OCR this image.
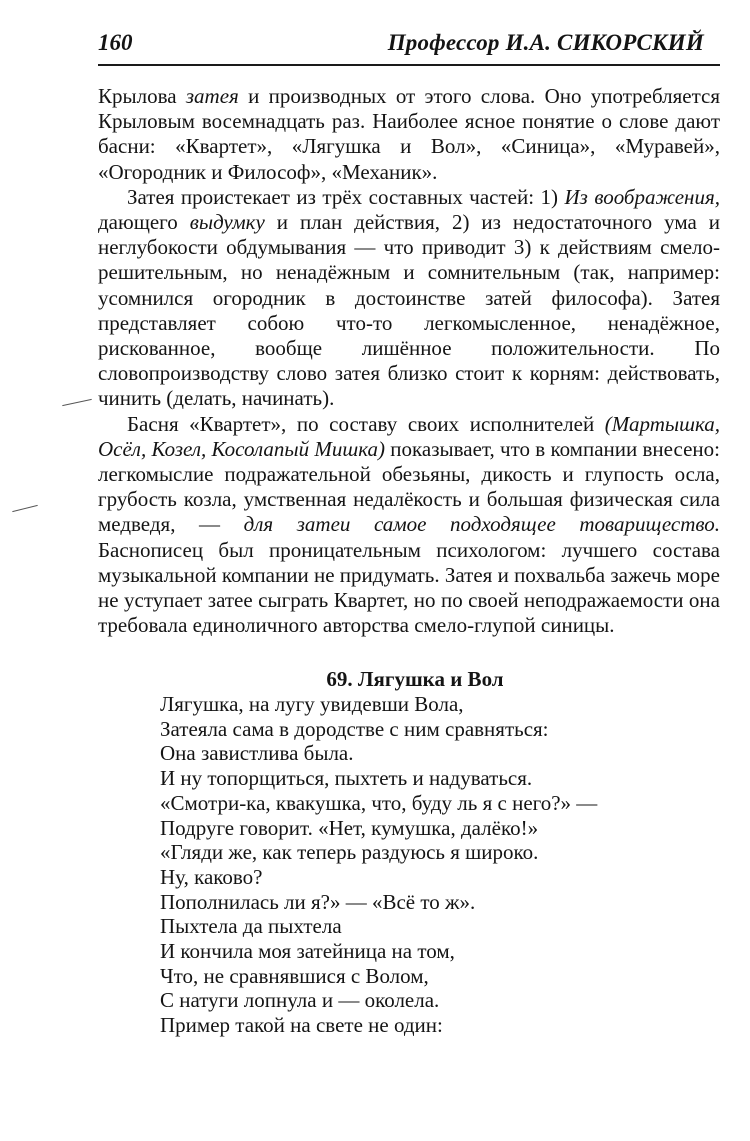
160	Профессор И.А. СИКОРСКИЙ

Крылова затея и производных от этого слова. Оно употребляется Крыловым восемнадцать раз. Наиболее ясное понятие о слове дают басни: «Квартет», «Лягушка и Вол», «Синица», «Муравей», «Огородник и Философ», «Механик».

Затея проистекает из трёх составных частей: 1) Из воображения, дающего выдумку и план действия, 2) из недостаточного ума и неглубокости обдумывания — что приводит 3) к действиям смело-решительным, но ненадёжным и сомнительным (так, например: усомнился огородник в достоинстве затей философа). Затея представляет собою что-то легкомысленное, ненадёжное, рискованное, вообще лишённое положительности. По словопроизводству слово затея близко стоит к корням: действовать, чинить (делать, начинать).

Басня «Квартет», по составу своих исполнителей (Мартышка, Осёл, Козел, Косолапый Мишка) показывает, что в компании внесено: легкомыслие подражательной обезьяны, дикость и глупость осла, грубость козла, умственная недалёкость и большая физическая сила медведя, — для затеи самое подходящее товарищество. Баснописец был проницательным психологом: лучшего состава музыкальной компании не придумать. Затея и похвальба зажечь море не уступает затее сыграть Квартет, но по своей неподражаемости она требовала единоличного авторства смело-глупой синицы.

69. Лягушка и Вол
Лягушка, на лугу увидевши Вола,
Затеяла сама в дородстве с ним сравняться:
Она завистлива была.
И ну топорщиться, пыхтеть и надуваться.
«Смотри-ка, квакушка, что, буду ль я с него?» —
Подруге говорит. «Нет, кумушка, далёко!»
«Гляди же, как теперь раздуюсь я широко.
Ну, каково?
Пополнилась ли я?» — «Всё то ж».
Пыхтела да пыхтела
И кончила моя затейница на том,
Что, не сравнявшися с Волом,
С натуги лопнула и — околела.
Пример такой на свете не один:
